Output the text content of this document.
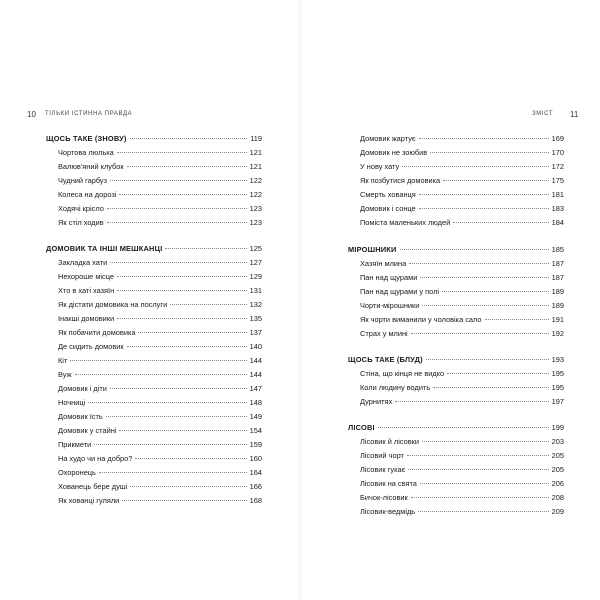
10 ТІЛЬКИ ІСТИННА ПРАВДА
ЩОСЬ ТАКЕ (ЗНОВУ)	119
Чортова люлька	121
Валюв'яний клубок	121
Чудний гарбуз	122
Колеса на дорозі	122
Ходячі крісло	123
Як стіл ходив	123
ДОМОВИК ТА ІНШІ МЕШКАНЦІ	125
Закладка хати	127
Нехороше місце	129
Хто в хаті хазяїн	131
Як дістати домовика на послуги	132
Інакші домовики	135
Як побачити домовика	137
Де сидить домовик	140
Кіт	144
Вуж	144
Домовик і діти	147
Ночниці	148
Домовик їсть	149
Домовик у стайні	154
Прикмети	159
На худо чи на добро?	160
Охоронець	164
Хованець бере душі	166
Як хованці гуляли	168
ЗМІСТ 11
Домовик жартує	169
Домовик не зоюбив	170
У нову хату	172
Як позбутися домовика	175
Смерть хованця	181
Домовик і сонце	183
Поміста маленьких людей	184
МІРОШНИКИ	185
Хазяїн млина	187
Пан над щурами	187
Пан над щурами у полі	189
Чорти-мірошники	189
Як чорти виманили у чоловіка сало	191
Страх у млині	192
ЩОСЬ ТАКЕ (БЛУД)	193
Стіна, що кінця не видко	195
Коли людину водить	195
Дурнитях	197
ЛІСОВІ	199
Лісовик й лісовки	203
Лісовий чорт	205
Лісовик гукає	205
Лісовик на свята	206
Бичок-лісовик	208
Лісовик-ведмідь	209
